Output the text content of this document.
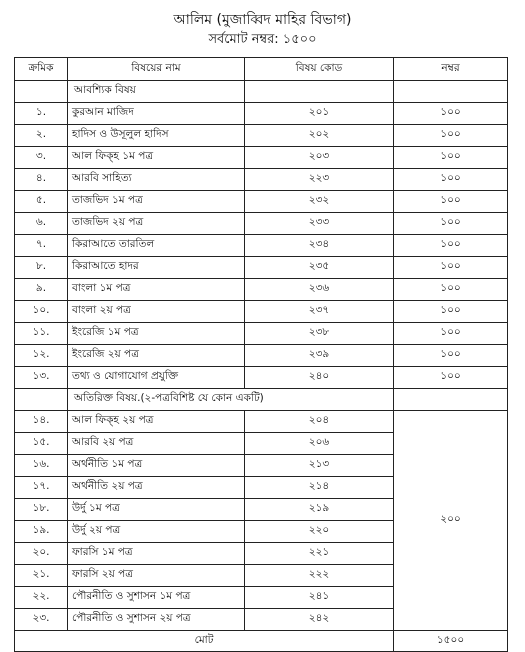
আলিম (মুজাব্বিদ মাহির বিভাগ)
সর্বমোট নম্বর: ১৫০০
ক্রমিক	বিষয়ের নাম	বিষয় কোড	নম্বর
	আবশ্যিক বিষয়		
১.	কুরআন মাজিদ	২০১	১০০
২.	হাদিস ও উসূলুল হাদিস	২০২	১০০
৩.	আল ফিক্হ ১ম পত্র	২০৩	১০০
৪.	আরবি সাহিত্য	২২৩	১০০
৫.	তাজভিদ ১ম পত্র	২৩২	১০০
৬.	তাজভিদ ২য় পত্র	২৩৩	১০০
৭.	কিরাআতে তারতিল	২৩৪	১০০
৮.	কিরাআতে হাদর	২৩৫	১০০
৯.	বাংলা ১ম পত্র	২৩৬	১০০
১০.	বাংলা ২য় পত্র	২৩৭	১০০
১১.	ইংরেজি ১ম পত্র	২৩৮	১০০
১২.	ইংরেজি ২য় পত্র	২৩৯	১০০
১৩.	তথ্য ও যোগাযোগ প্রযুক্তি	২৪০	১০০
	অতিরিক্ত বিষয়.(২-পত্রবিশিষ্ট যে কোন একটি)		
১৪.	আল ফিক্হ ২য় পত্র	২০৪	২০০
১৫.	আরবি ২য় পত্র	২০৬	
১৬.	অর্থনীতি ১ম পত্র	২১৩	
১৭.	অর্থনীতি ২য় পত্র	২১৪	
১৮.	উর্দু ১ম পত্র	২১৯	
১৯.	উর্দু ২য় পত্র	২২০	
২০.	ফারসি ১ম পত্র	২২১	
২১.	ফারসি ২য় পত্র	২২২	
২২.	পৌরনীতি ও সুশাসন ১ম পত্র	২৪১	
২৩.	পৌরনীতি ও সুশাসন ২য় পত্র	২৪২	
মোট			১৫০০
